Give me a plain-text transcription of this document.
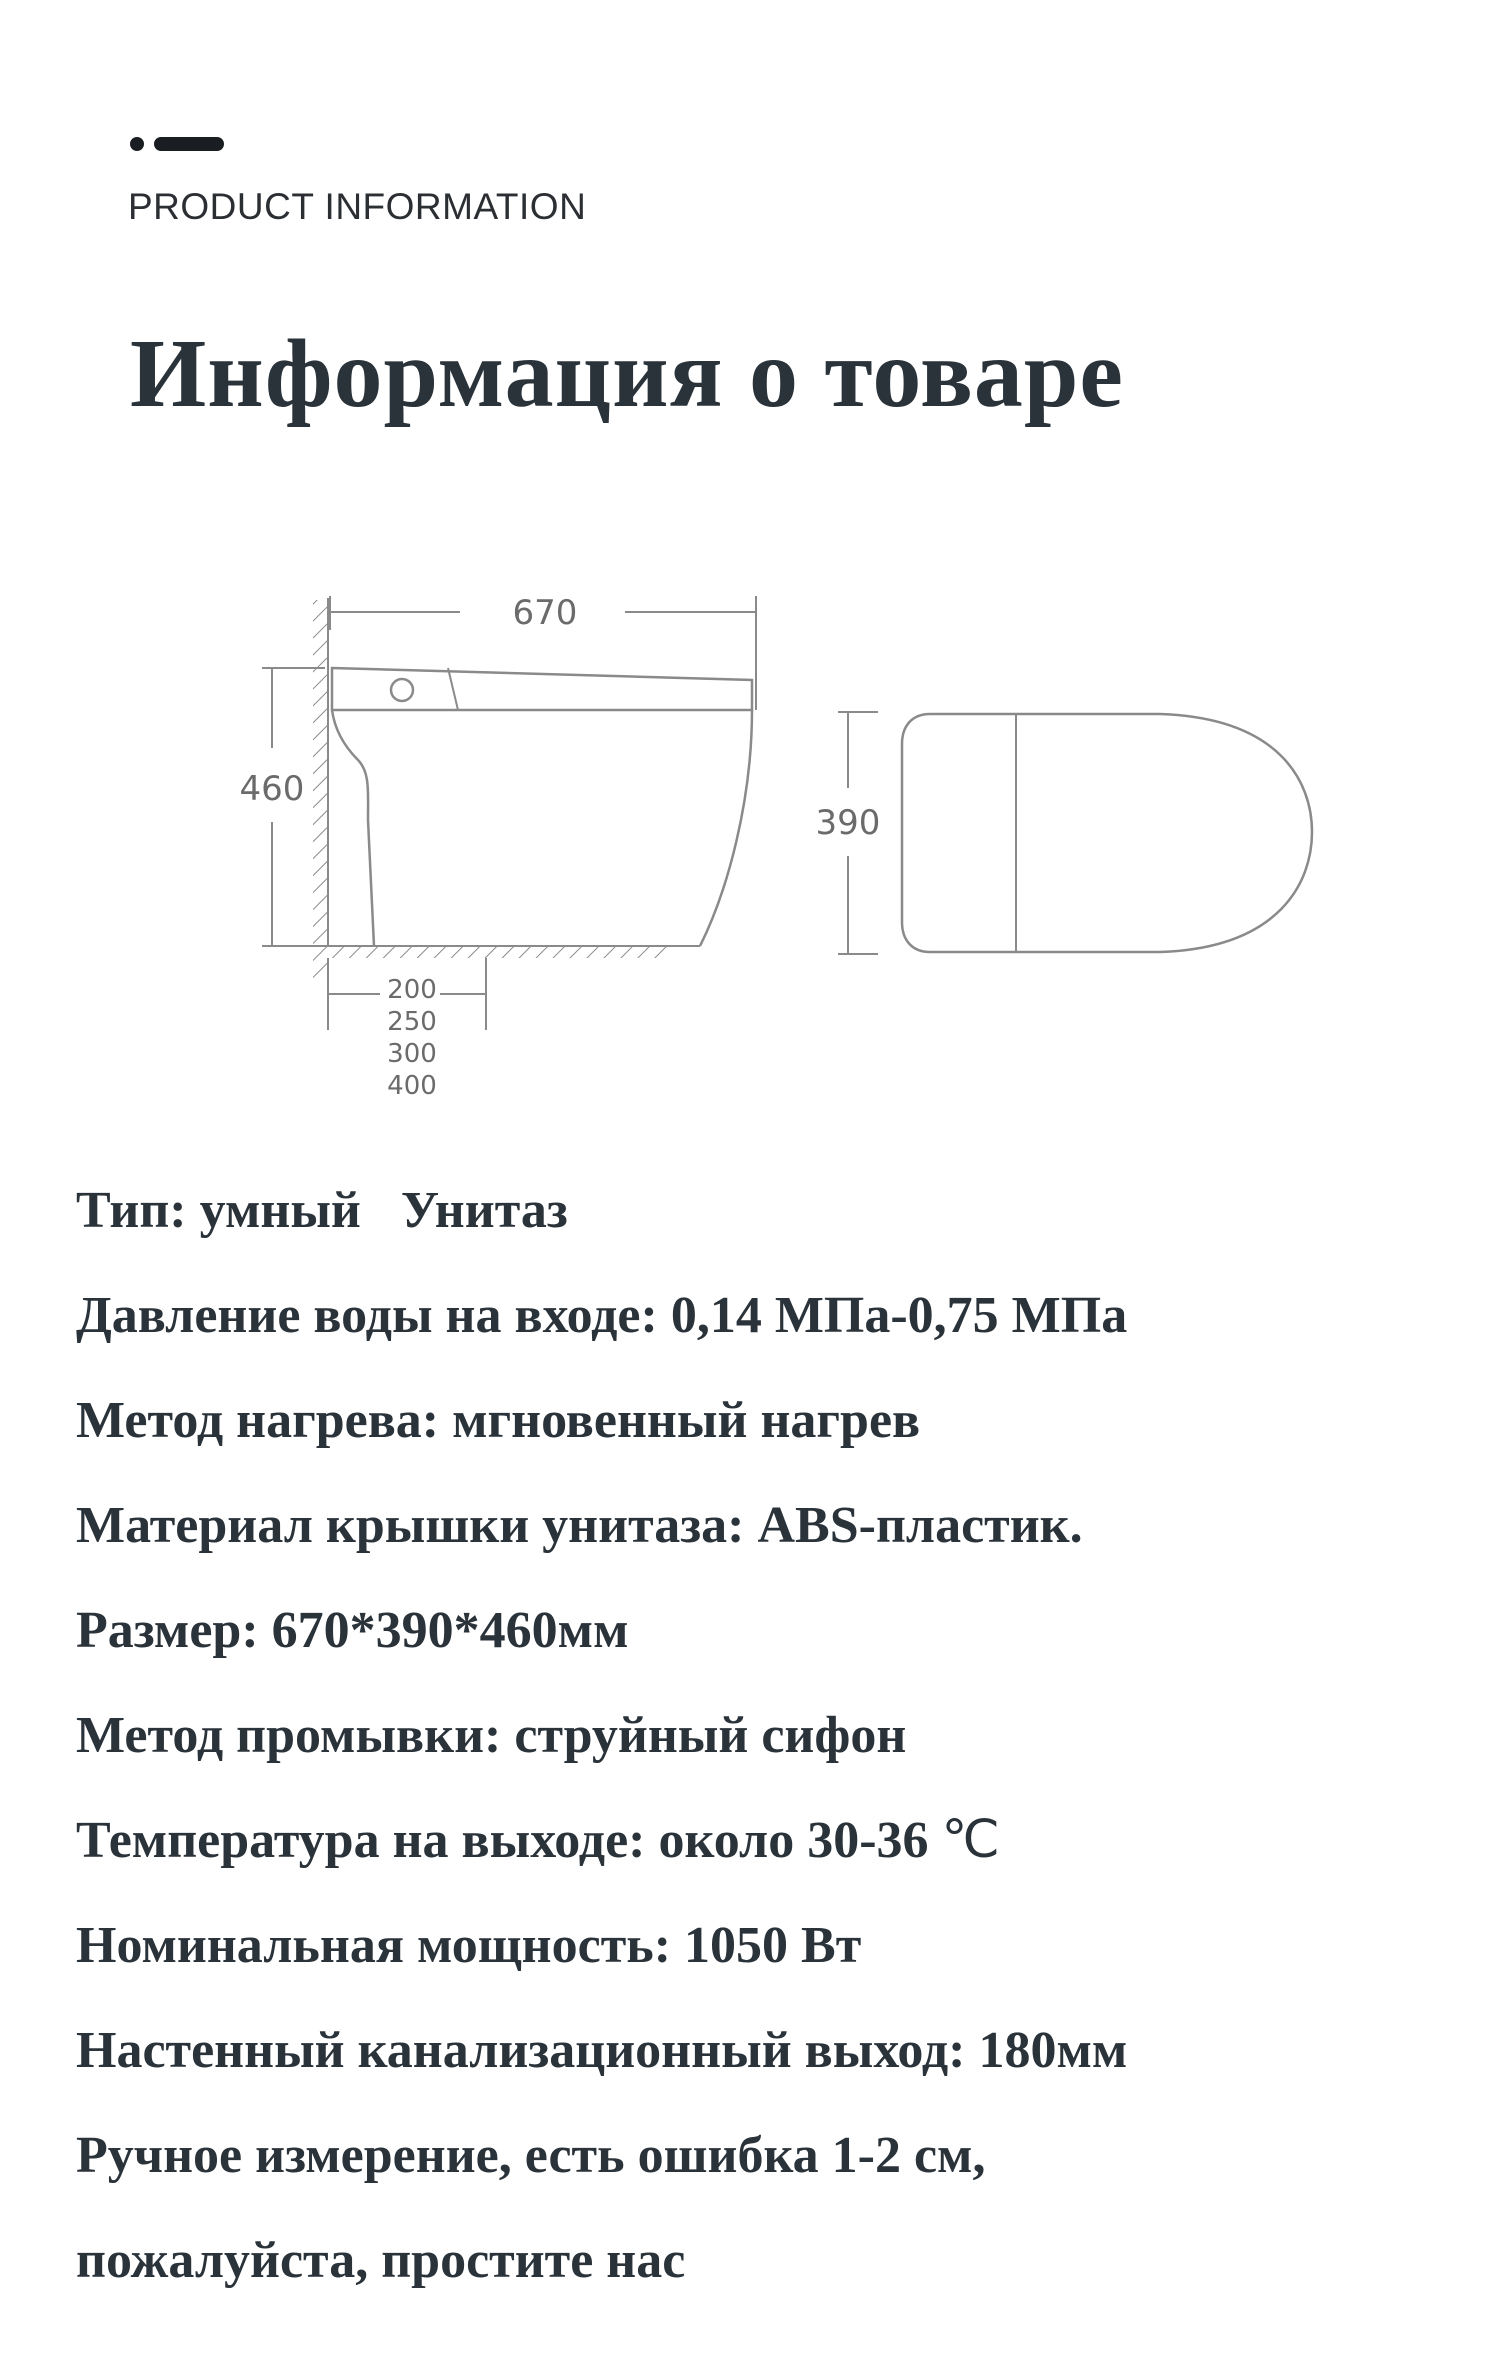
PRODUCT INFORMATION
Информация о товаре
670
460
200
250
300
400
390
Тип: умный Унитаз
Давление воды на входе: 0,14 МПа-0,75 МПа
Метод нагрева: мгновенный нагрев
Материал крышки унитаза: ABS-пластик.
Размер: 670*390*460мм
Метод промывки: струйный сифон
Температура на выходе: около 30-36 ℃
Номинальная мощность: 1050 Вт
Настенный канализационный выход: 180мм
Ручное измерение, есть ошибка 1-2 см,
пожалуйста, простите нас
